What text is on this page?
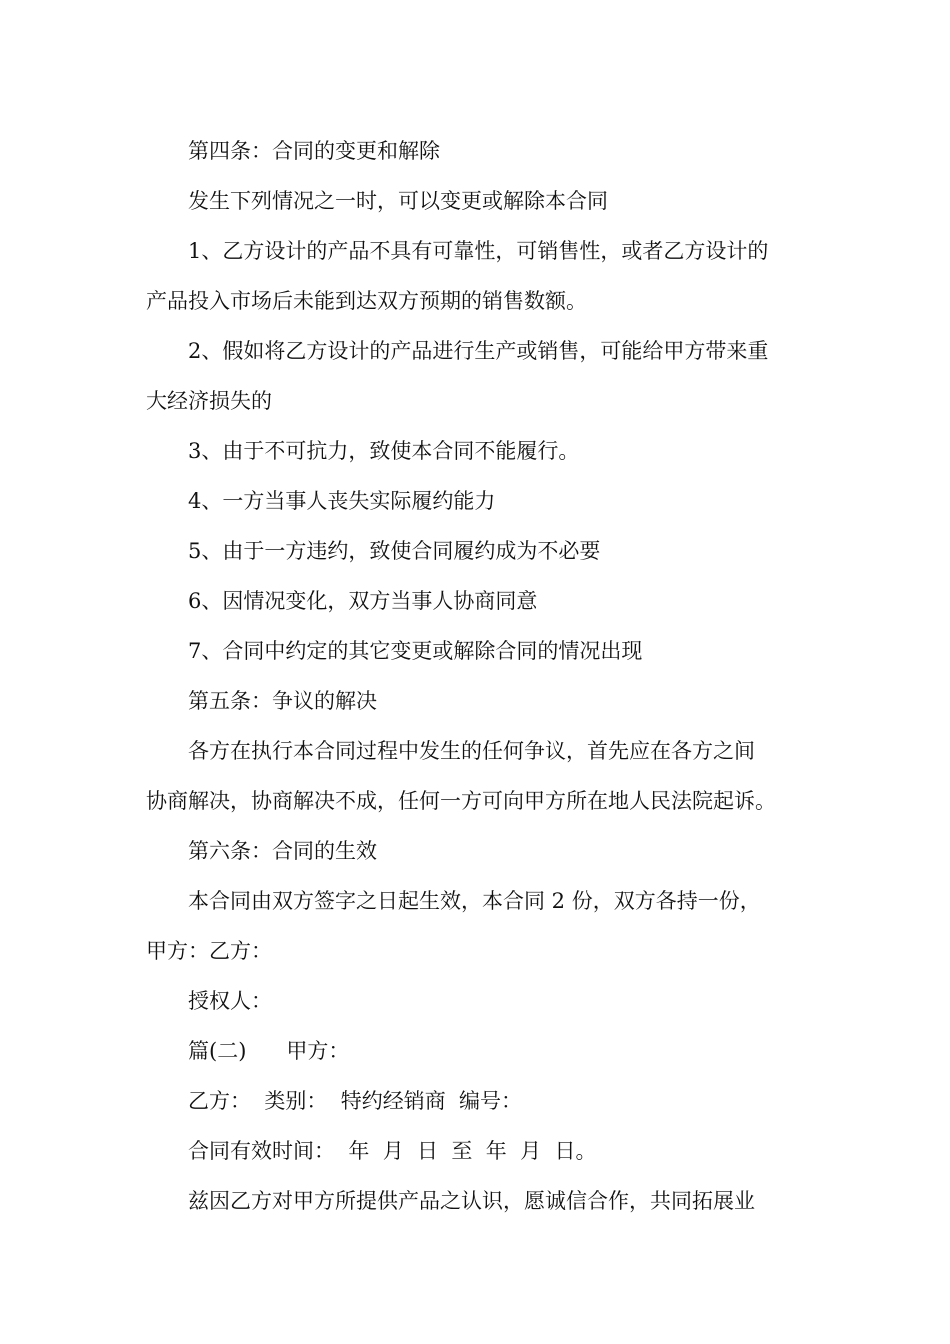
第四条：合同的变更和解除
发生下列情况之一时，可以变更或解除本合同
1、乙方设计的产品不具有可靠性，可销售性，或者乙方设计的
产品投入市场后未能到达双方预期的销售数额。
2、假如将乙方设计的产品进行生产或销售，可能给甲方带来重
大经济损失的
3、由于不可抗力，致使本合同不能履行。
4、一方当事人丧失实际履约能力
5、由于一方违约，致使合同履约成为不必要
6、因情况变化，双方当事人协商同意
7、合同中约定的其它变更或解除合同的情况出现
第五条：争议的解决
各方在执行本合同过程中发生的任何争议，首先应在各方之间
协商解决，协商解决不成，任何一方可向甲方所在地人民法院起诉。
第六条：合同的生效
本合同由双方签字之日起生效，本合同 2 份，双方各持一份，
甲方：乙方：
授权人：
篇(二)      甲方：
乙方：  类别：  特约经销商  编号：
合同有效时间：  年  月  日  至  年  月  日。
兹因乙方对甲方所提供产品之认识，愿诚信合作，共同拓展业
